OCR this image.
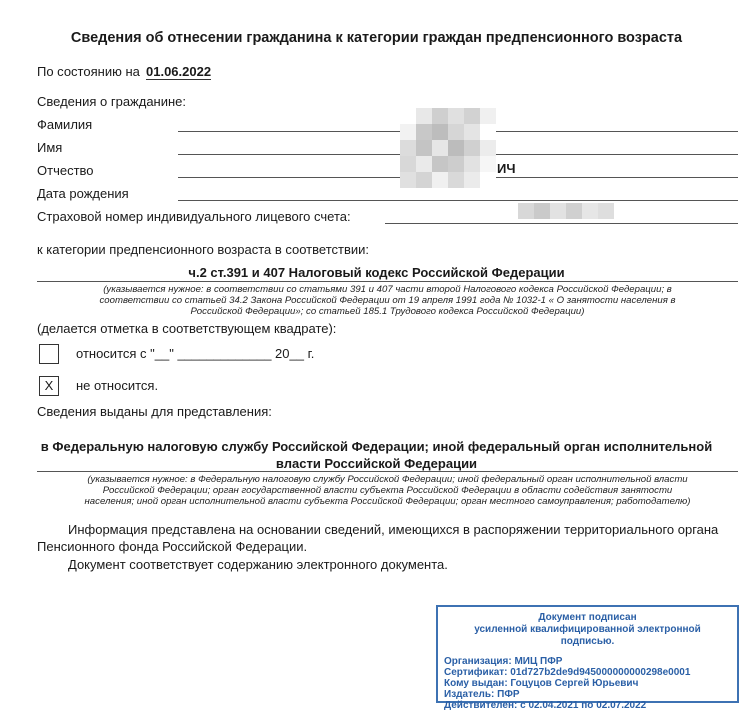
Сведения об отнесении гражданина к категории граждан предпенсионного возраста
По состоянию на 01.06.2022
Сведения о гражданине:
Фамилия
Имя
Отчество	ИЧ
Дата рождения
Страховой номер индивидуального лицевого счета:
к категории предпенсионного возраста в соответствии:
ч.2 ст.391 и 407 Налоговый кодекс Российской Федерации
(указывается нужное: в соответствии со статьями 391 и 407 части второй Налогового кодекса Российской Федерации; в
соответствии со статьей 34.2 Закона Российской Федерации от 19 апреля 1991 года № 1032-1 « О занятости населения в
Российской Федерации»; со статьей 185.1 Трудового кодекса Российской Федерации)
(делается отметка в соответствующем квадрате):
относится с "__" _____________ 20__ г.
X	не относится.
Сведения выданы для представления:
в Федеральную налоговую службу Российской Федерации; иной федеральный орган исполнительной
власти Российской Федерации
(указывается нужное: в Федеральную налоговую службу Российской Федерации; иной федеральный орган исполнительной власти
Российской Федерации; орган государственной власти субъекта Российской Федерации в области содействия занятости
населения; иной орган исполнительной власти субъекта Российской Федерации; орган местного самоуправления; работодателю)
Информация представлена на основании сведений, имеющихся в распоряжении территориального органа
Пенсионного фонда Российской Федерации.
Документ соответствует содержанию электронного документа.
Документ подписан
усиленной квалифицированной электронной
подписью.
Организация: МИЦ ПФР
Сертификат: 01d727b2de9d945000000000298e0001
Кому выдан: Гоцуцов Сергей Юрьевич
Издатель: ПФР
Действителен: с 02.04.2021 по 02.07.2022
